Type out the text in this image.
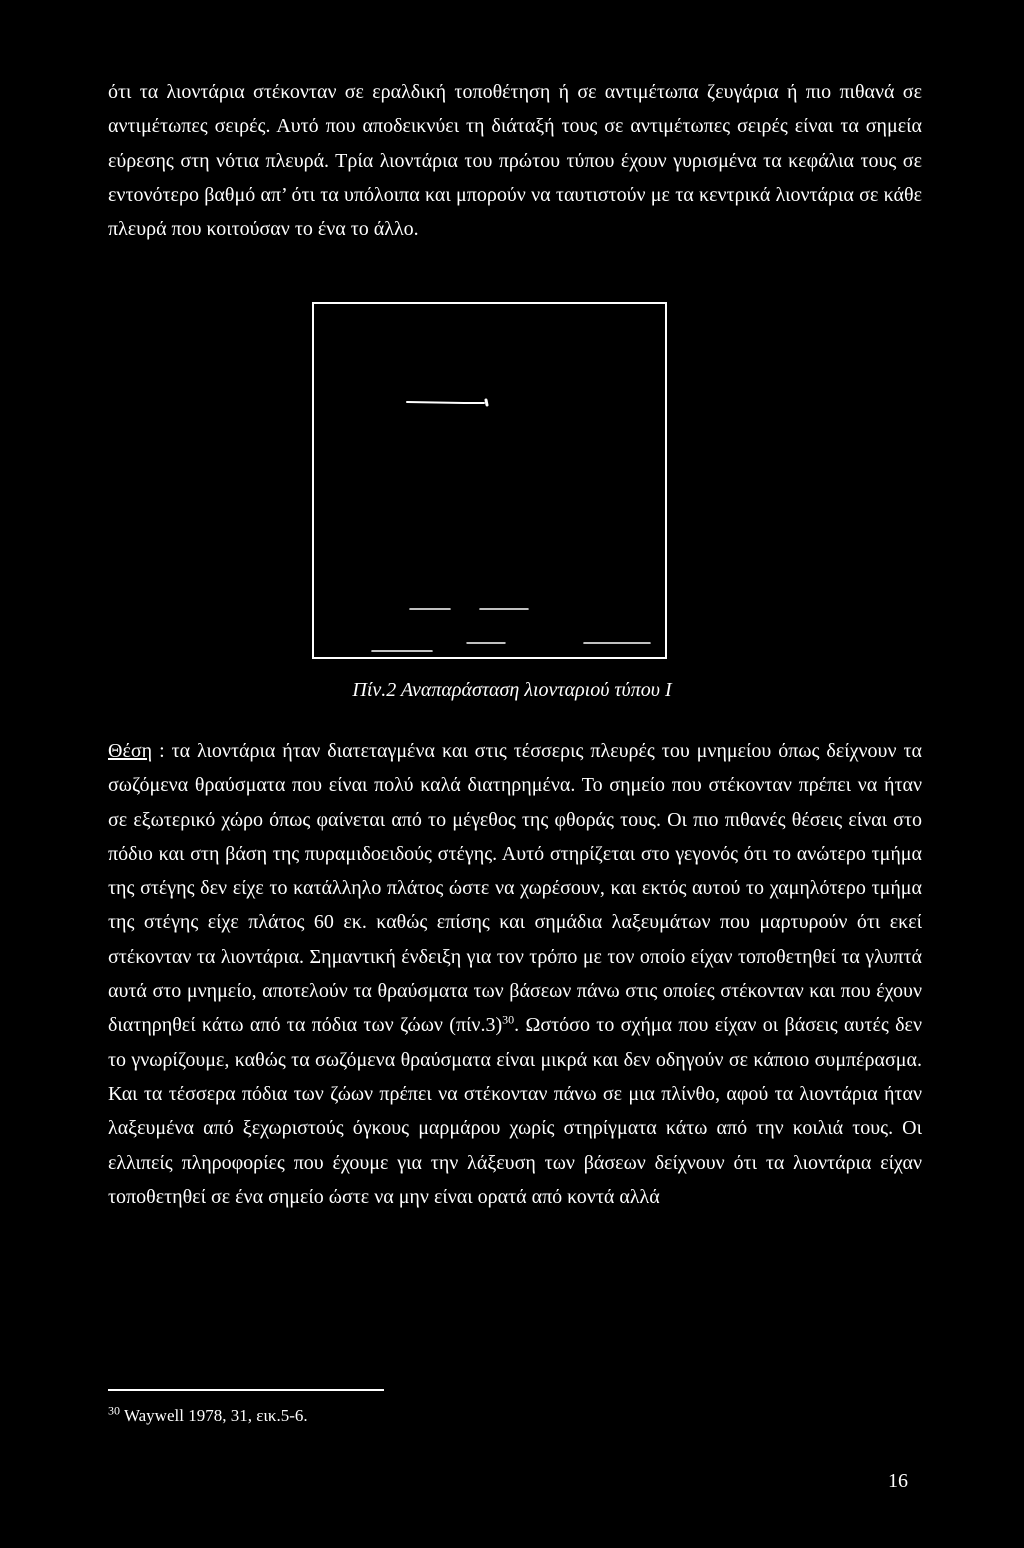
ότι τα λιοντάρια στέκονταν σε εραλδική τοποθέτηση ή σε αντιμέτωπα ζευγάρια ή πιο πιθανά σε αντιμέτωπες σειρές. Αυτό που αποδεικνύει τη διάταξή τους σε αντιμέτωπες σειρές είναι τα σημεία εύρεσης στη νότια πλευρά. Τρία λιοντάρια του πρώτου τύπου έχουν γυρισμένα τα κεφάλια τους σε εντονότερο βαθμό απ’ ότι τα υπόλοιπα και μπορούν να ταυτιστούν με τα κεντρικά λιοντάρια σε κάθε πλευρά που κοιτούσαν το ένα το άλλο.

Πίν.2 Αναπαράσταση λιονταριού τύπου Ι

Θέση : τα λιοντάρια ήταν διατεταγμένα και στις τέσσερις πλευρές του μνημείου όπως δείχνουν τα σωζόμενα θραύσματα που είναι πολύ καλά διατηρημένα. Το σημείο που στέκονταν πρέπει να ήταν σε εξωτερικό χώρο όπως φαίνεται από το μέγεθος της φθοράς τους. Οι πιο πιθανές θέσεις είναι στο πόδιο και στη βάση της πυραμιδοειδούς στέγης. Αυτό στηρίζεται στο γεγονός ότι το ανώτερο τμήμα της στέγης δεν είχε το κατάλληλο πλάτος ώστε να χωρέσουν, και εκτός αυτού το χαμηλότερο τμήμα της στέγης είχε πλάτος 60 εκ. καθώς επίσης και σημάδια λαξευμάτων που μαρτυρούν ότι εκεί στέκονταν τα λιοντάρια. Σημαντική ένδειξη για τον τρόπο με τον οποίο είχαν τοποθετηθεί τα γλυπτά αυτά στο μνημείο, αποτελούν τα θραύσματα των βάσεων πάνω στις οποίες στέκονταν και που έχουν διατηρηθεί κάτω από τα πόδια των ζώων $(\pi ί\nu.3)^{30}$. Ωστόσο το σχήμα που είχαν οι βάσεις αυτές δεν το γνωρίζουμε, καθώς τα σωζόμενα θραύσματα είναι μικρά και δεν οδηγούν σε κάποιο συμπέρασμα. Και τα τέσσερα πόδια των ζώων πρέπει να στέκονταν πάνω σε μια πλίνθο, αφού τα λιοντάρια ήταν λαξευμένα από ξεχωριστούς όγκους μαρμάρου χωρίς στηρίγματα κάτω από την κοιλιά τους. Οι ελλιπείς πληροφορίες που έχουμε για την λάξευση των βάσεων δείχνουν ότι τα λιοντάρια είχαν τοποθετηθεί σε ένα σημείο ώστε να μην είναι ορατά από κοντά αλλά

$^{30}$ Waywell 1978, 31, εικ.5-6.
16
